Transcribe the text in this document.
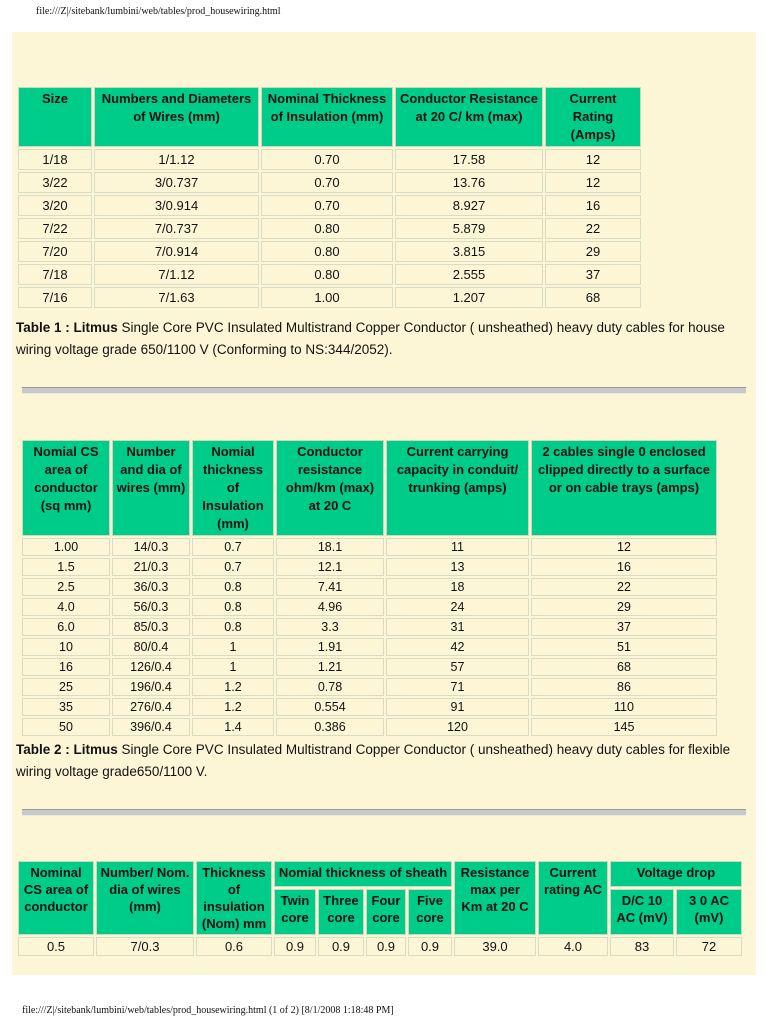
file:///Z|/sitebank/lumbini/web/tables/prod_housewiring.html
Size	Numbers and Diameters of Wires (mm)	Nominal Thickness of Insulation (mm)	Conductor Resistance at 20 C/ km (max)	Current Rating (Amps)
1/18	1/1.12	0.70	17.58	12
3/22	3/0.737	0.70	13.76	12
3/20	3/0.914	0.70	8.927	16
7/22	7/0.737	0.80	5.879	22
7/20	7/0.914	0.80	3.815	29
7/18	7/1.12	0.80	2.555	37
7/16	7/1.63	1.00	1.207	68
Table 1 : Litmus Single Core PVC Insulated Multistrand Copper Conductor ( unsheathed) heavy duty cables for house wiring voltage grade 650/1100 V (Conforming to NS:344/2052).
Nomial CS area of conductor (sq mm)	Number and dia of wires (mm)	Nomial thickness of Insulation (mm)	Conductor resistance ohm/km (max) at 20 C	Current carrying capacity in conduit/ trunking (amps)	2 cables single 0 enclosed clipped directly to a surface or on cable trays (amps)
1.00	14/0.3	0.7	18.1	11	12
1.5	21/0.3	0.7	12.1	13	16
2.5	36/0.3	0.8	7.41	18	22
4.0	56/0.3	0.8	4.96	24	29
6.0	85/0.3	0.8	3.3	31	37
10	80/0.4	1	1.91	42	51
16	126/0.4	1	1.21	57	68
25	196/0.4	1.2	0.78	71	86
35	276/0.4	1.2	0.554	91	110
50	396/0.4	1.4	0.386	120	145
Table 2 : Litmus Single Core PVC Insulated Multistrand Copper Conductor ( unsheathed) heavy duty cables for flexible wiring voltage grade650/1100 V.
Nominal CS area of conductor	Number/ Nom. dia of wires (mm)	Thickness of insulation (Nom) mm	Nomial thickness of sheath				Resistance max per Km at 20 C	Current rating AC	Voltage drop	
			Twin core	Three core	Four core	Five core			D/C 10 AC (mV)	3 0 AC (mV)
0.5	7/0.3	0.6	0.9	0.9	0.9	0.9	39.0	4.0	83	72
file:///Z|/sitebank/lumbini/web/tables/prod_housewiring.html (1 of 2) [8/1/2008 1:18:48 PM]
